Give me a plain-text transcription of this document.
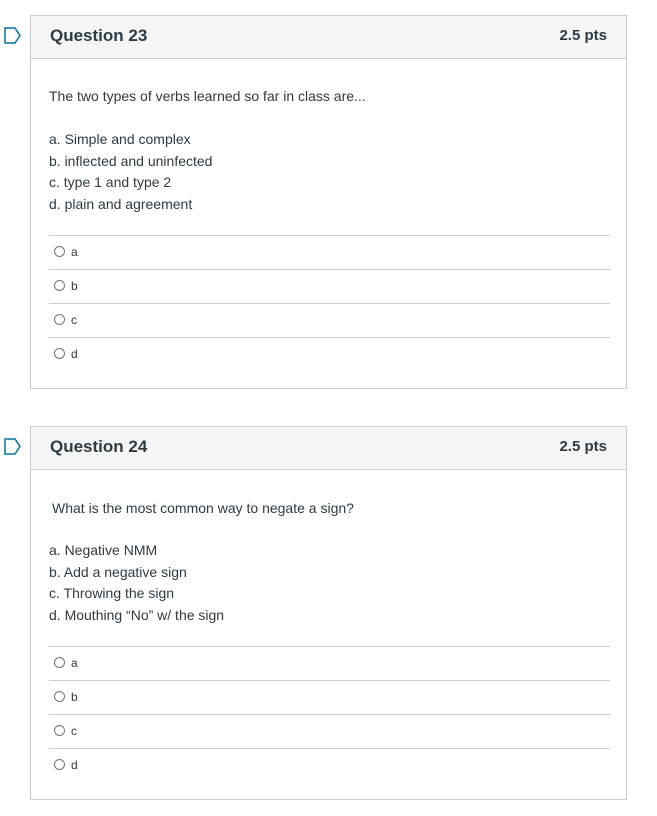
Question 23	2.5 pts
The two types of verbs learned so far in class are...
a. Simple and complex
b. inflected and uninfected
c. type 1 and type 2
d. plain and agreement
a
b
c
d
Question 24	2.5 pts
What is the most common way to negate a sign?
a. Negative NMM
b. Add a negative sign
c. Throwing the sign
d. Mouthing “No” w/ the sign
a
b
c
d
